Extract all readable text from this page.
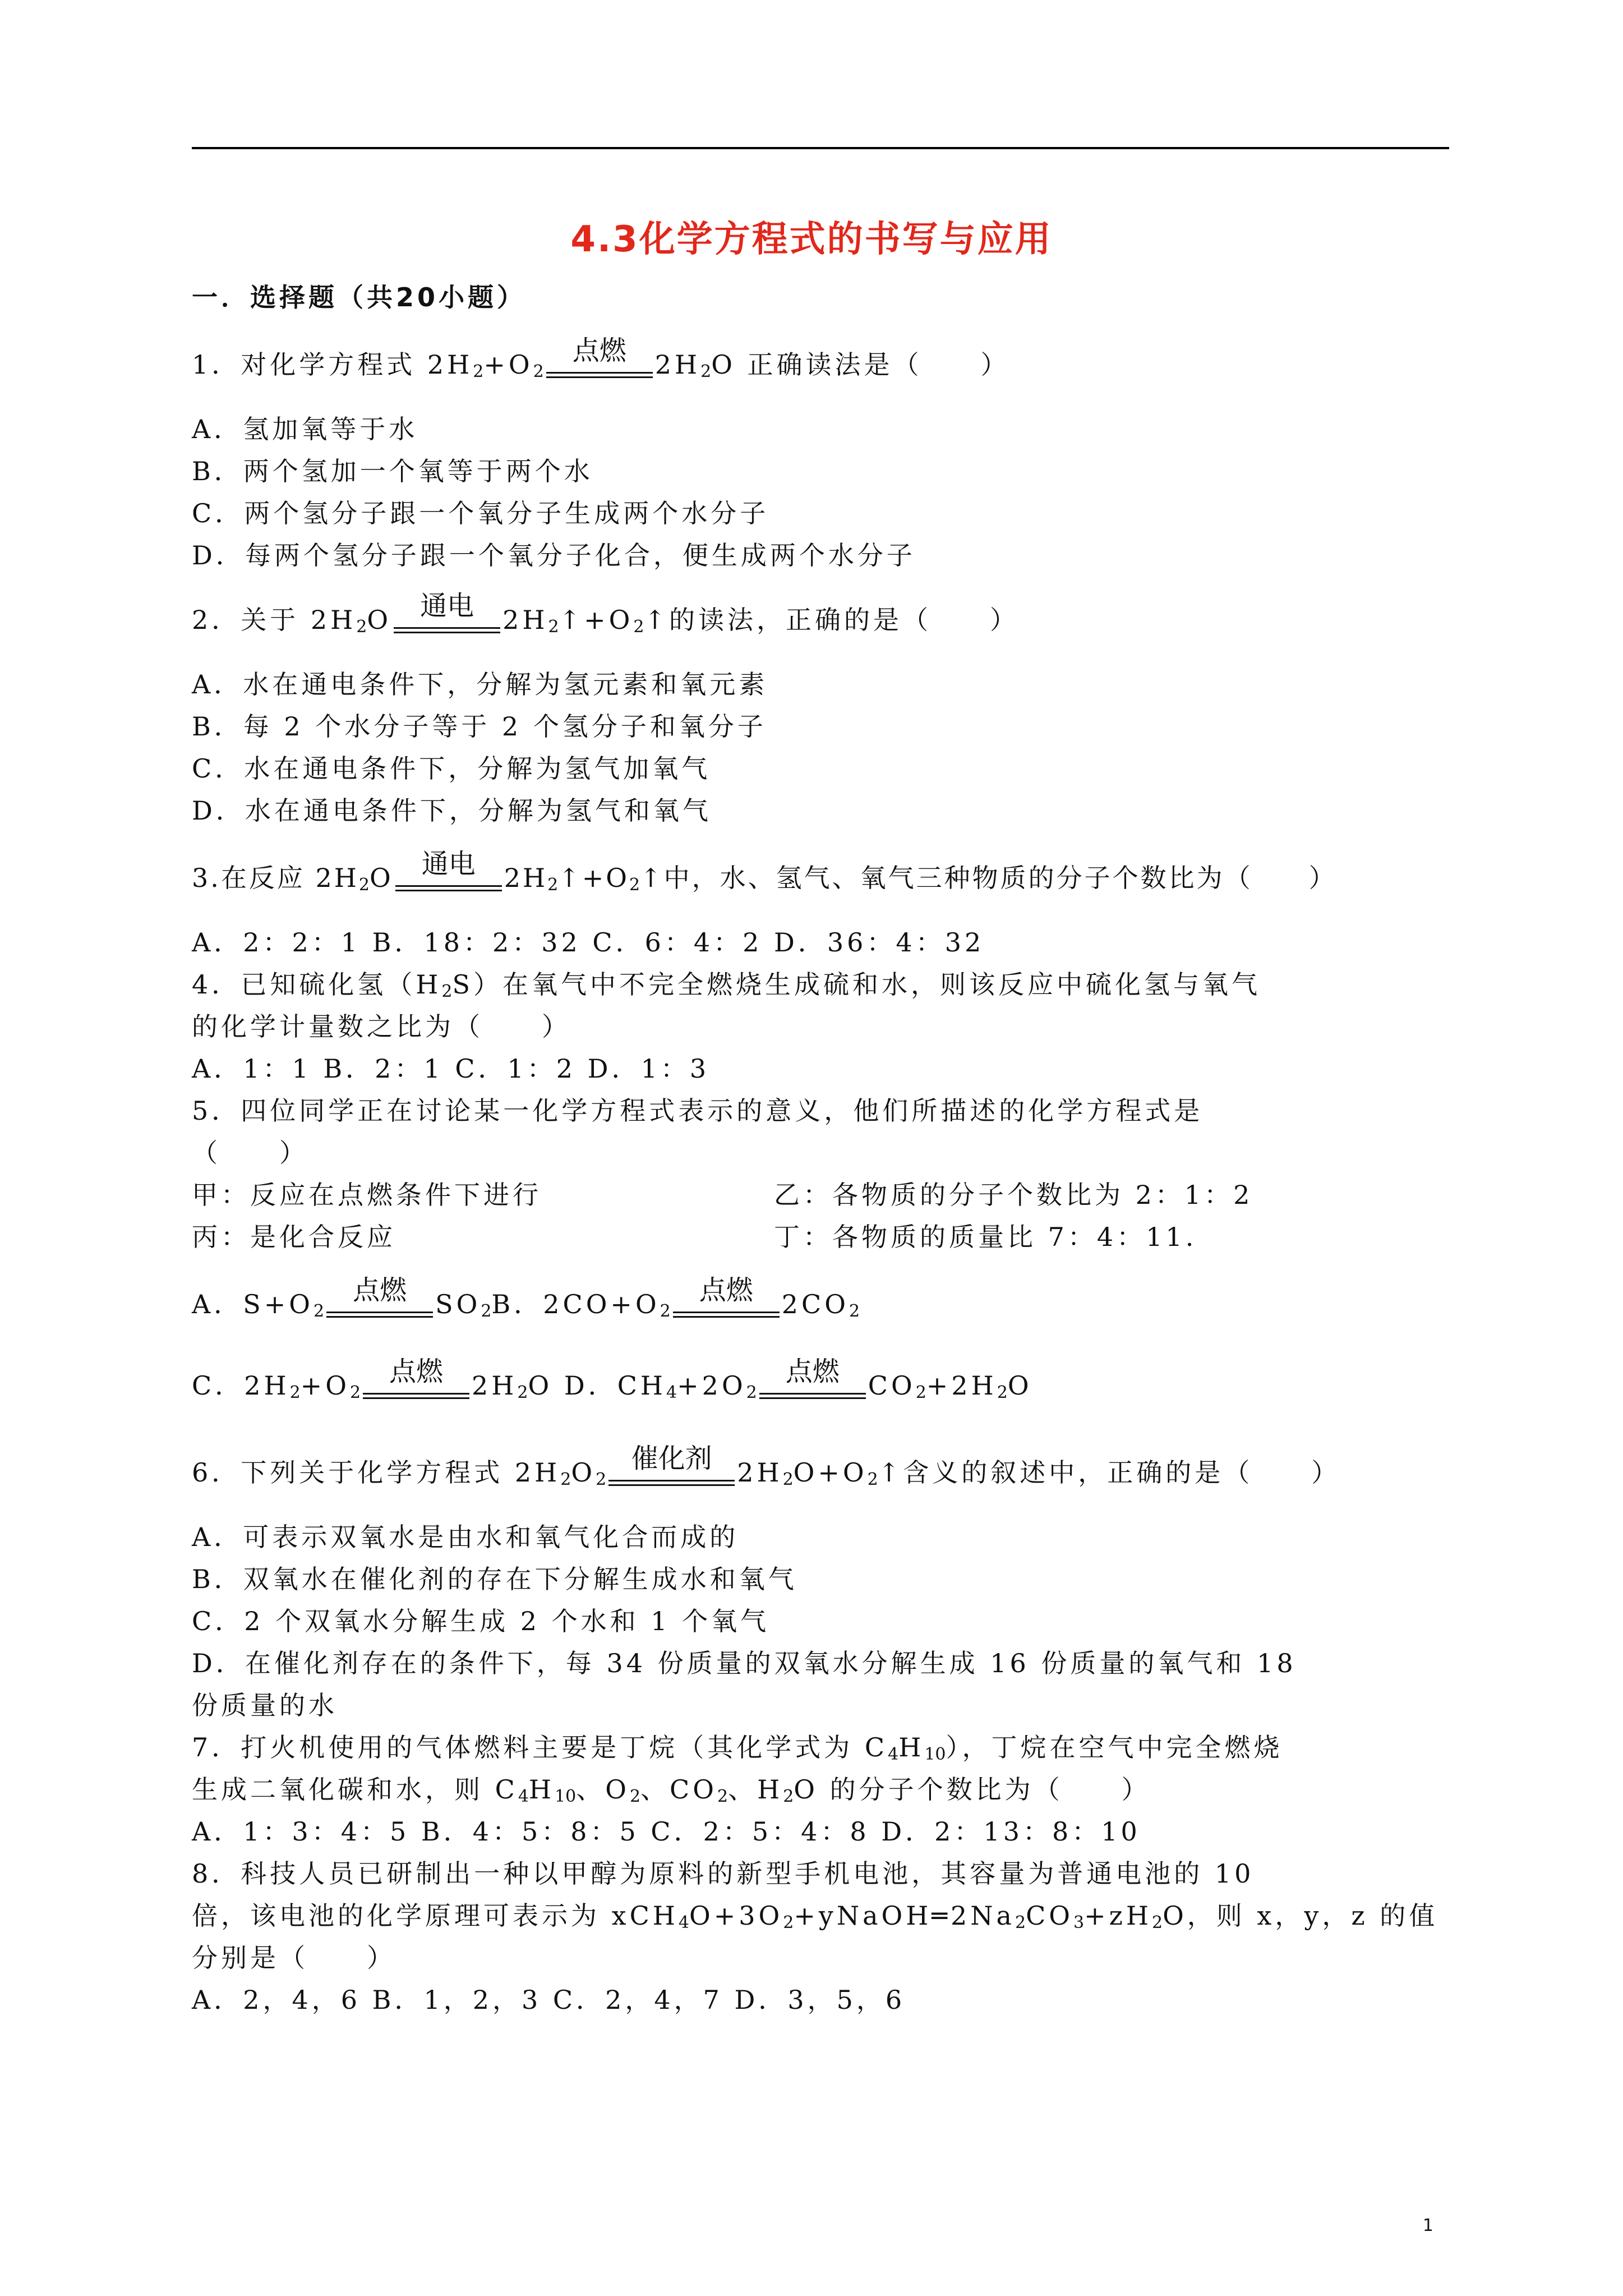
4.3化学方程式的书写与应用
一．选择题（共20小题）
1．对化学方程式 $2H_2+O_2$
点燃	$2H_2O$ 正确读法是（　　）
A．氢加氧等于水
B．两个氢加一个氧等于两个水
C．两个氢分子跟一个氧分子生成两个水分子
D．每两个氢分子跟一个氧分子化合，便生成两个水分子
2．关于 $2H_2O$	通电	$2H_2↑+O_2↑$的读法，正确的是（　　）
A．水在通电条件下，分解为氢元素和氧元素
B．每 2 个水分子等于 2 个氢分子和氧分子
C．水在通电条件下，分解为氢气加氧气
D．水在通电条件下，分解为氢气和氧气
3.在反应 $2H_2O$	通电	$2H_2↑+O_2↑$中，水、氢气、氧气三种物质的分子个数比为（　　）
A．2：2：1 B．18：2：32 C．6：4：2 D．36：4：32
4．已知硫化氢$(H_2S)$在氧气中不完全燃烧生成硫和水，则该反应中硫化氢与氧气
的化学计量数之比为（　　）
A．1：1 B．2：1 C．1：2 D．1：3
5．四位同学正在讨论某一化学方程式表示的意义，他们所描述的化学方程式是
（　　）
甲：反应在点燃条件下进行	乙：各物质的分子个数比为 2：1：2
丙：是化合反应	丁：各物质的质量比 7：4：11.
A．$S+O_2$
点燃	$SO_2B$．$2CO+O_2$
点燃	$2CO_2$
C．$2H_2+O_2$
点燃	$2H_2O$ D．$CH_4+2O_2$
点燃	$CO_2+2H_2O$
6．下列关于化学方程式 $2H_2O_2$
催化剂 $2H_2O+O_2↑$含义的叙述中，正确的是（　　）
A．可表示双氧水是由水和氧气化合而成的
B．双氧水在催化剂的存在下分解生成水和氧气
C．2 个双氧水分解生成 2 个水和 1 个氧气
D．在催化剂存在的条件下，每 34 份质量的双氧水分解生成 16 份质量的氧气和 18
份质量的水
7．打火机使用的气体燃料主要是丁烷（其化学式为 $C_4H_{10}$），丁烷在空气中完全燃烧
生成二氧化碳和水，则 $C_4H_{10}$、$O_2$、$CO_2$、$H_2O$ 的分子个数比为（　　）
A．1：3：4：5 B．4：5：8：5 C．2：5：4：8 D．2：13：8：10
8．科技人员已研制出一种以甲醇为原料的新型手机电池，其容量为普通电池的 10
倍，该电池的化学原理可表示为 $xCH_4O+3O_2+yNaOH═2Na_2CO_3+zH_2O$，则 x，y，z 的值
分别是（　　）
A．2，4，6 B．1，2，3 C．2，4，7 D．3，5，6
1
